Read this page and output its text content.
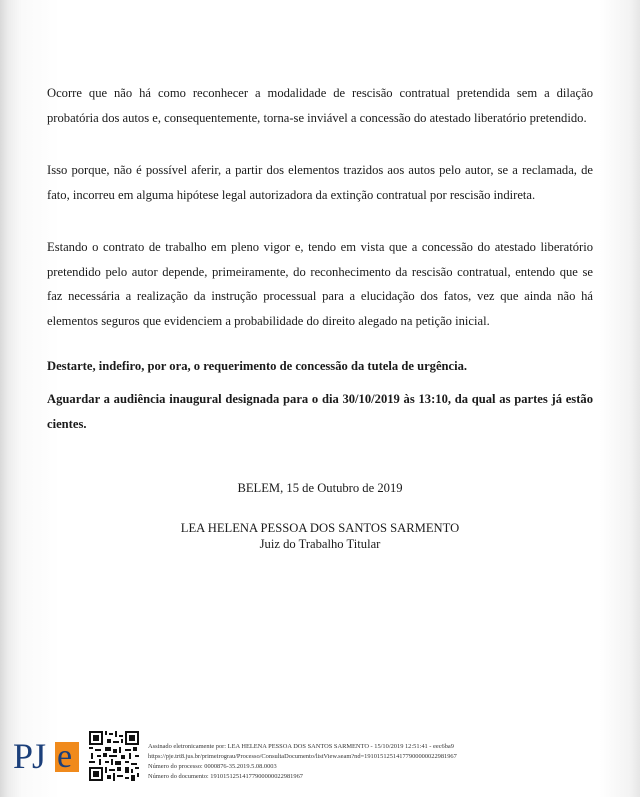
Ocorre que não há como reconhecer a modalidade de rescisão contratual pretendida sem a dilação probatória dos autos e, consequentemente, torna-se inviável a concessão do atestado liberatório pretendido.

Isso porque, não é possível aferir, a partir dos elementos trazidos aos autos pelo autor, se a reclamada, de fato, incorreu em alguma hipótese legal autorizadora da extinção contratual por rescisão indireta.

Estando o contrato de trabalho em pleno vigor e, tendo em vista que a concessão do atestado liberatório pretendido pelo autor depende, primeiramente, do reconhecimento da rescisão contratual, entendo que se faz necessária a realização da instrução processual para a elucidação dos fatos, vez que ainda não há elementos seguros que evidenciem a probabilidade do direito alegado na petição inicial.

Destarte, indefiro, por ora, o requerimento de concessão da tutela de urgência.

Aguardar a audiência inaugural designada para o dia 30/10/2019 às 13:10, da qual as partes já estão cientes.

BELEM, 15 de Outubro de 2019
LEA HELENA PESSOA DOS SANTOS SARMENTO
Juiz do Trabalho Titular
PJ e	Assinado eletronicamente por: LEA HELENA PESSOA DOS SANTOS SARMENTO - 15/10/2019 12:51:41 - eec6ba9
https://pje.trt8.jus.br/primeirograu/Processo/ConsultaDocumento/listView.seam?nd=19101512514177900000022981967
Número do processo: 0000876-35.2019.5.08.0003
Número do documento: 19101512514177900000022981967
